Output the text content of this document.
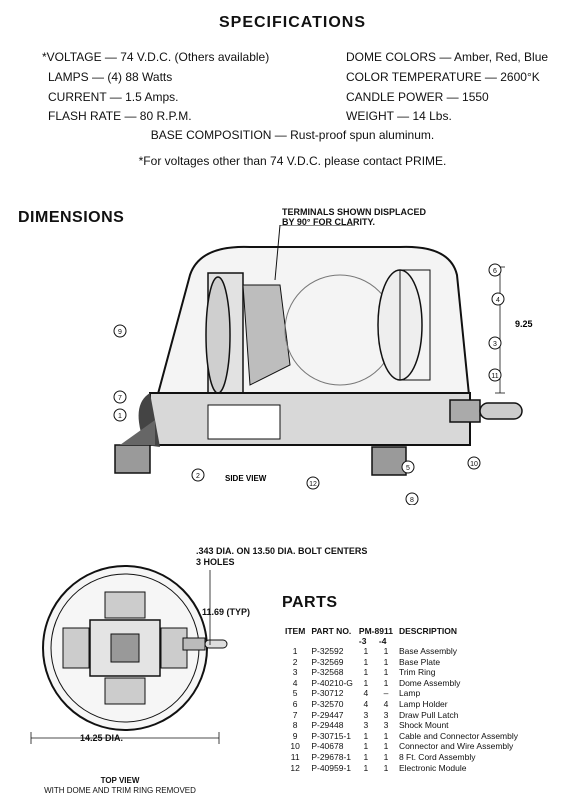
SPECIFICATIONS
*VOLTAGE — 74 V.D.C. (Others available)
LAMPS — (4) 88 Watts
CURRENT — 1.5 Amps.
FLASH RATE — 80 R.P.M.
DOME COLORS — Amber, Red, Blue
COLOR TEMPERATURE — 2600°K
CANDLE POWER — 1550
WEIGHT — 14 Lbs.
BASE COMPOSITION — Rust-proof spun aluminum.
*For voltages other than 74 V.D.C. please contact PRIME.
DIMENSIONS	TERMINALS SHOWN DISPLACED
BY 90° FOR CLARITY.
9
2
3
4
7
6
1
8
5
10
11
12
9.25
SIDE VIEW
.343 DIA. ON 13.50 DIA. BOLT CENTERS
3 HOLES
11.69 (TYP)
14.25 DIA.
TOP VIEW
WITH DOME AND TRIM RING REMOVED
PARTS
ITEM	PART NO.	PM-8911		DESCRIPTION
		-3	-4	
1	P-32592	1	1	Base Assembly
2	P-32569	1	1	Base Plate
3	P-32568	1	1	Trim Ring
4	P-40210-G	1	1	Dome Assembly
5	P-30712	4	–	Lamp
6	P-32570	4	4	Lamp Holder
7	P-29447	3	3	Draw Pull Latch
8	P-29448	3	3	Shock Mount
9	P-30715-1	1	1	Cable and Connector Assembly
10	P-40678	1	1	Connector and Wire Assembly
11	P-29678-1	1	1	8 Ft. Cord Assembly
12	P-40959-1	1	1	Electronic Module
